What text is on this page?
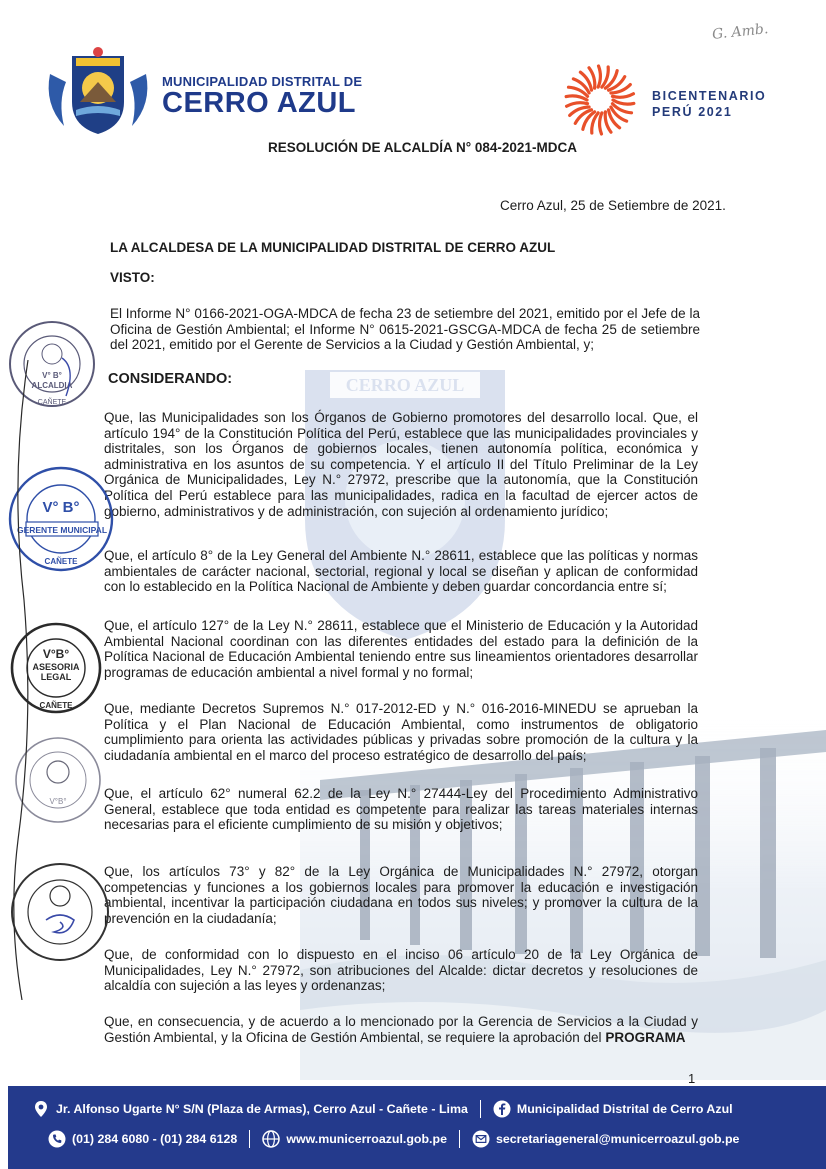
CERRO AZUL
MUNICIPALIDAD DISTRITAL DE
CERRO AZUL	BICENTENARIO
PERÚ 2021
G. Amb.
RESOLUCIÓN DE ALCALDÍA N° 084-2021-MDCA
Cerro Azul, 25 de Setiembre de 2021.
LA ALCALDESA DE LA MUNICIPALIDAD DISTRITAL DE CERRO AZUL
VISTO:
El Informe N° 0166-2021-OGA-MDCA de fecha 23 de setiembre del 2021, emitido por el Jefe de la Oficina de Gestión Ambiental; el Informe N° 0615-2021-GSCGA-MDCA de fecha 25 de setiembre del 2021, emitido por el Gerente de Servicios a la Ciudad y Gestión Ambiental, y;
CONSIDERANDO:
Que, las Municipalidades son los Órganos de Gobierno promotores del desarrollo local. Que, el artículo 194° de la Constitución Política del Perú, establece que las municipalidades provinciales y distritales, son los Órganos de gobiernos locales, tienen autonomía política, económica y administrativa en los asuntos de su competencia. Y el artículo II del Título Preliminar de la Ley Orgánica de Municipalidades, Ley N.° 27972, prescribe que la autonomía, que la Constitución Política del Perú establece para las municipalidades, radica en la facultad de ejercer actos de gobierno, administrativos y de administración, con sujeción al ordenamiento jurídico;
Que, el artículo 8° de la Ley General del Ambiente N.° 28611, establece que las políticas y normas ambientales de carácter nacional, sectorial, regional y local se diseñan y aplican de conformidad con lo establecido en la Política Nacional de Ambiente y deben guardar concordancia entre sí;
Que, el artículo 127° de la Ley N.° 28611, establece que el Ministerio de Educación y la Autoridad Ambiental Nacional coordinan con las diferentes entidades del estado para la definición de la Política Nacional de Educación Ambiental teniendo entre sus lineamientos orientadores desarrollar programas de educación ambiental a nivel formal y no formal;
Que, mediante Decretos Supremos N.° 017-2012-ED y N.° 016-2016-MINEDU se aprueban la Política y el Plan Nacional de Educación Ambiental, como instrumentos de obligatorio cumplimiento para orienta las actividades públicas y privadas sobre promoción de la cultura y la ciudadanía ambiental en el marco del proceso estratégico de desarrollo del país;
Que, el artículo 62° numeral 62.2 de la Ley N.° 27444-Ley del Procedimiento Administrativo General, establece que toda entidad es competente para realizar las tareas materiales internas necesarias para el eficiente cumplimiento de su misión y objetivos;
Que, los artículos 73° y 82° de la Ley Orgánica de Municipalidades N.° 27972, otorgan competencias y funciones a los gobiernos locales para promover la educación e investigación ambiental, incentivar la participación ciudadana en todos sus niveles; y promover la cultura de la prevención en la ciudadanía;
Que, de conformidad con lo dispuesto en el inciso 06 artículo 20 de la Ley Orgánica de Municipalidades, Ley N.° 27972, son atribuciones del Alcalde: dictar decretos y resoluciones de alcaldía con sujeción a las leyes y ordenanzas;
Que, en consecuencia, y de acuerdo a lo mencionado por la Gerencia de Servicios a la Ciudad y Gestión Ambiental, y la Oficina de Gestión Ambiental, se requiere la aprobación del PROGRAMA
V° B°
ALCALDIA
CAÑETE
V° B°
GERENTE MUNICIPAL
CAÑETE
V°B°
ASESORIA LEGAL
CAÑETE
V°B°
1
Jr. Alfonso Ugarte N° S/N (Plaza de Armas), Cerro Azul - Cañete - Lima	Municipalidad Distrital de Cerro Azul
(01) 284 6080 - (01) 284 6128	www.municerroazul.gob.pe	secretariageneral@municerroazul.gob.pe
